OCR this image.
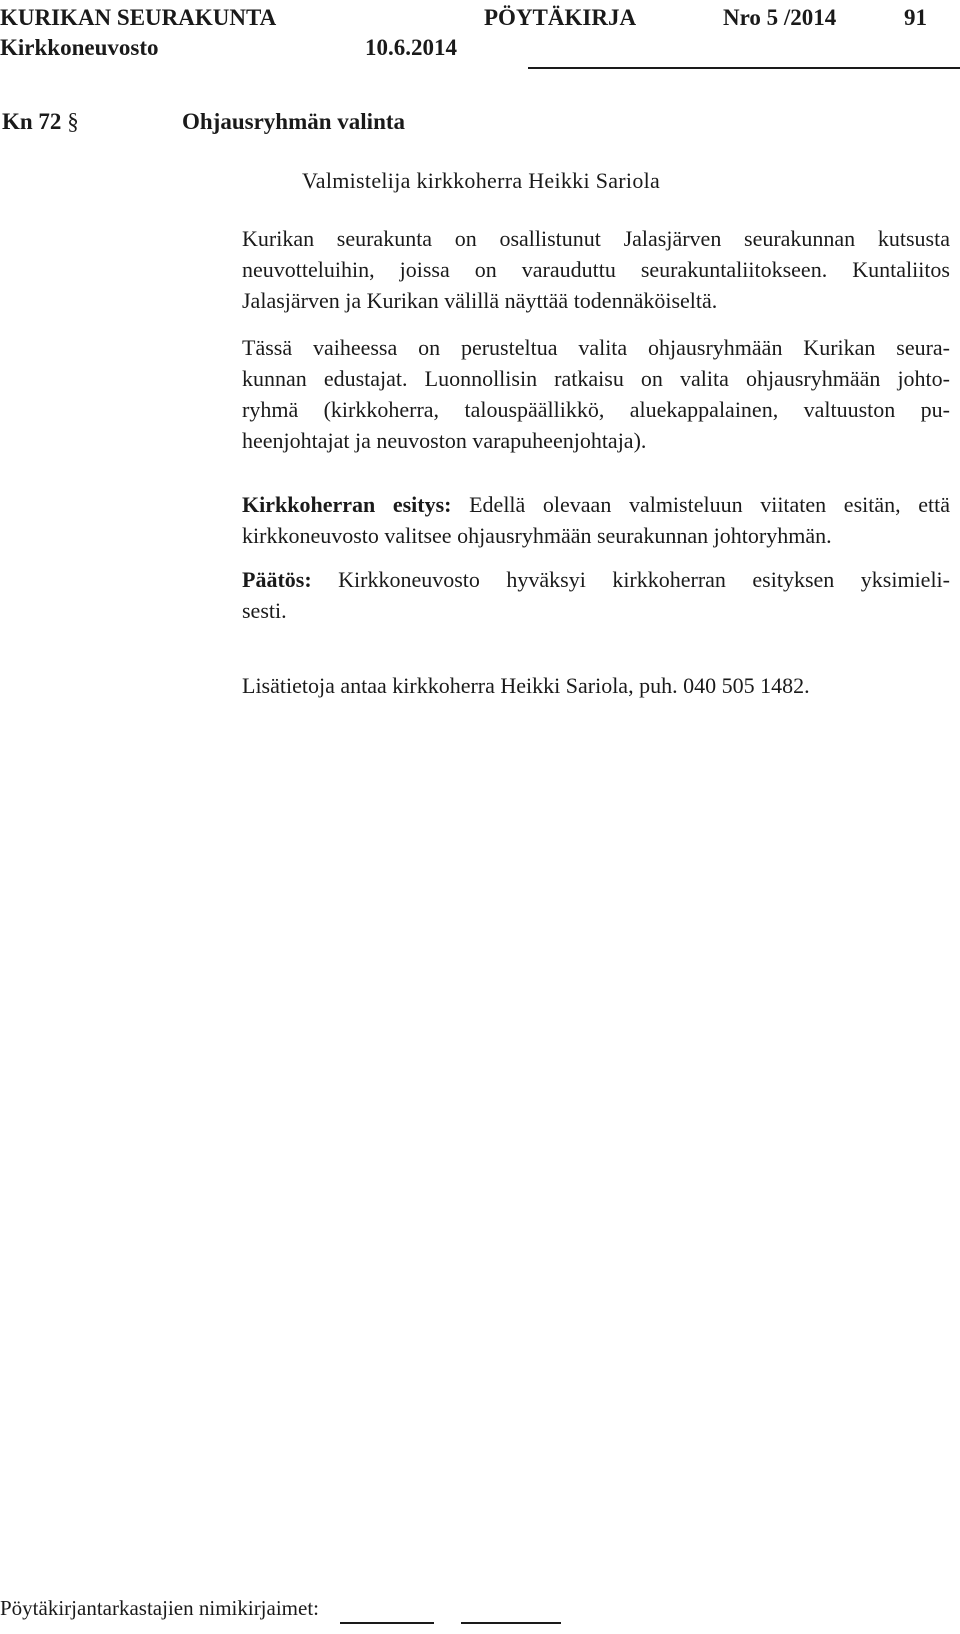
KURIKAN SEURAKUNTA	PÖYTÄKIRJA	Nro 5 /2014	91
Kirkkoneuvosto	10.6.2014
Kn 72 §	Ohjausryhmän valinta
Valmistelija kirkkoherra Heikki Sariola
Kurikan seurakunta on osallistunut Jalasjärven seurakunnan kutsusta
neuvotteluihin, joissa on varauduttu seurakuntaliitokseen. Kuntaliitos
Jalasjärven ja Kurikan välillä näyttää todennäköiseltä.
Tässä vaiheessa on perusteltua valita ohjausryhmään Kurikan seura-
kunnan edustajat. Luonnollisin ratkaisu on valita ohjausryhmään johto-
ryhmä (kirkkoherra, talouspäällikkö, aluekappalainen, valtuuston pu-
heenjohtajat ja neuvoston varapuheenjohtaja).
Kirkkoherran esitys: Edellä olevaan valmisteluun viitaten esitän, että
kirkkoneuvosto valitsee ohjausryhmään seurakunnan johtoryhmän.
Päätös: Kirkkoneuvosto hyväksyi kirkkoherran esityksen yksimieli-
sesti.
Lisätietoja antaa kirkkoherra Heikki Sariola, puh. 040 505 1482.
Pöytäkirjantarkastajien nimikirjaimet:
